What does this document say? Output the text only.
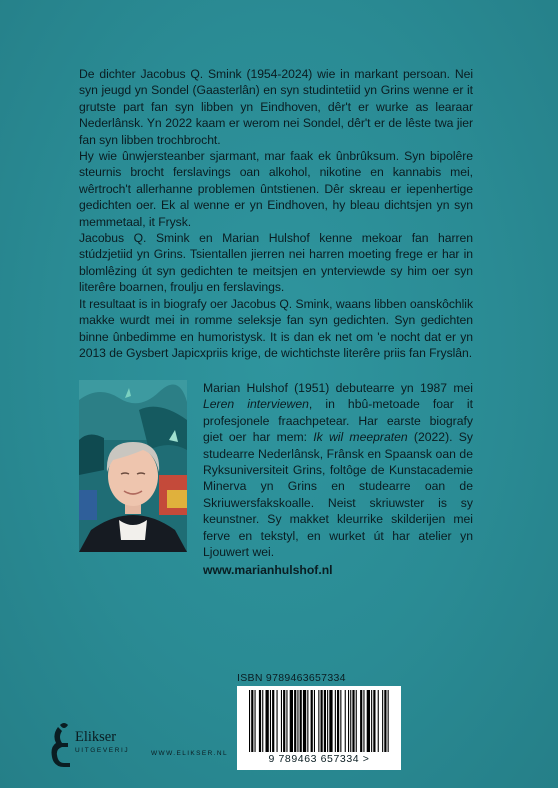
De dichter Jacobus Q. Smink (1954-2024) wie in markant persoan. Nei syn jeugd yn Sondel (Gaasterlân) en syn studintetiid yn Grins wenne er it grutste part fan syn libben yn Eindhoven, dêr't er wurke as learaar Nederlânsk. Yn 2022 kaam er werom nei Sondel, dêr't er de lêste twa jier fan syn libben trochbrocht.

Hy wie ûnwjersteanber sjarmant, mar faak ek ûnbrûksum. Syn bipolêre steurnis brocht ferslavings oan alkohol, nikotine en kannabis mei, wêrtroch't allerhanne problemen ûntstienen. Dêr skreau er iepenhertige gedichten oer. Ek al wenne er yn Eindhoven, hy bleau dichtsjen yn syn memmetaal, it Frysk.

Jacobus Q. Smink en Marian Hulshof kenne mekoar fan harren stúdzjetiid yn Grins. Tsientallen jierren nei harren moeting frege er har in blomlêzing út syn gedichten te meitsjen en ynterviewde sy him oer syn literêre boarnen, froulju en ferslavings.

It resultaat is in biografy oer Jacobus Q. Smink, waans libben oanskôchlik makke wurdt mei in romme seleksje fan syn gedichten. Syn gedichten binne ûnbedimme en humoristysk. It is dan ek net om 'e nocht dat er yn 2013 de Gysbert Japicxpriis krige, de wichtichste literêre priis fan Fryslân.

Marian Hulshof (1951) debutearre yn 1987 mei Leren interviewen, in hbû-metoade foar it profesjonele fraachpetear. Har earste biografy giet oer har mem: Ik wil meepraten (2022). Sy studearre Nederlânsk, Frânsk en Spaansk oan de Ryksuniversiteit Grins, foltôge de Kunstacademie Minerva yn Grins en studearre oan de Skriuwersfakskoalle. Neist skriuwster is sy keunstner. Sy makket kleurrike skilderijen mei ferve en tekstyl, en wurket út har atelier yn Ljouwert wei.

www.marianhulshof.nl

ISBN 9789463657334
9 789463 657334 >
Elikser
UITGEVERIJ	WWW.ELIKSER.NL
